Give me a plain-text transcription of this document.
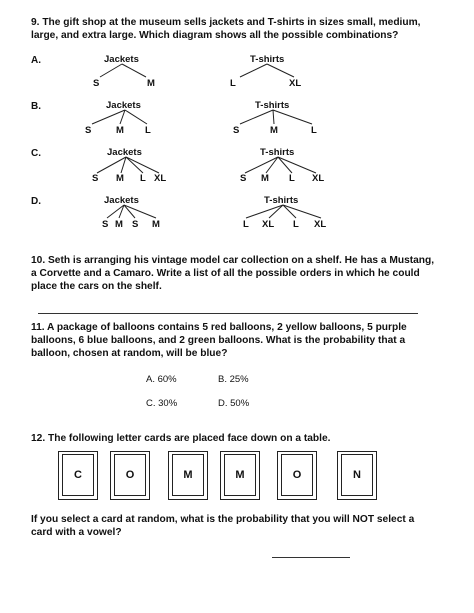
9. The gift shop at the museum sells jackets and T-shirts in sizes small, medium, large, and extra large. Which diagram shows all the possible combinations?
A.
B.
C.
D.
Jackets
S	M
T-shirts
L	XL
Jackets
S	M L
T-shirts
S	M	L
Jackets
S M L XL
T-shirts
S M L XL
Jackets
S M S M
T-shirts
L XL L XL
10. Seth is arranging his vintage model car collection on a shelf. He has a Mustang, a Corvette and a Camaro. Write a list of all the possible orders in which he could place the cars on the shelf.
11. A package of balloons contains 5 red balloons, 2 yellow balloons, 5 purple balloons, 6 blue balloons, and 2 green balloons. What is the probability that a balloon, chosen at random, will be blue?
A. 60%	B. 25%
C. 30%	D. 50%
12. The following letter cards are placed face down on a table.
C	O	M	M	O	N
If you select a card at random, what is the probability that you will NOT select a card with a vowel?
